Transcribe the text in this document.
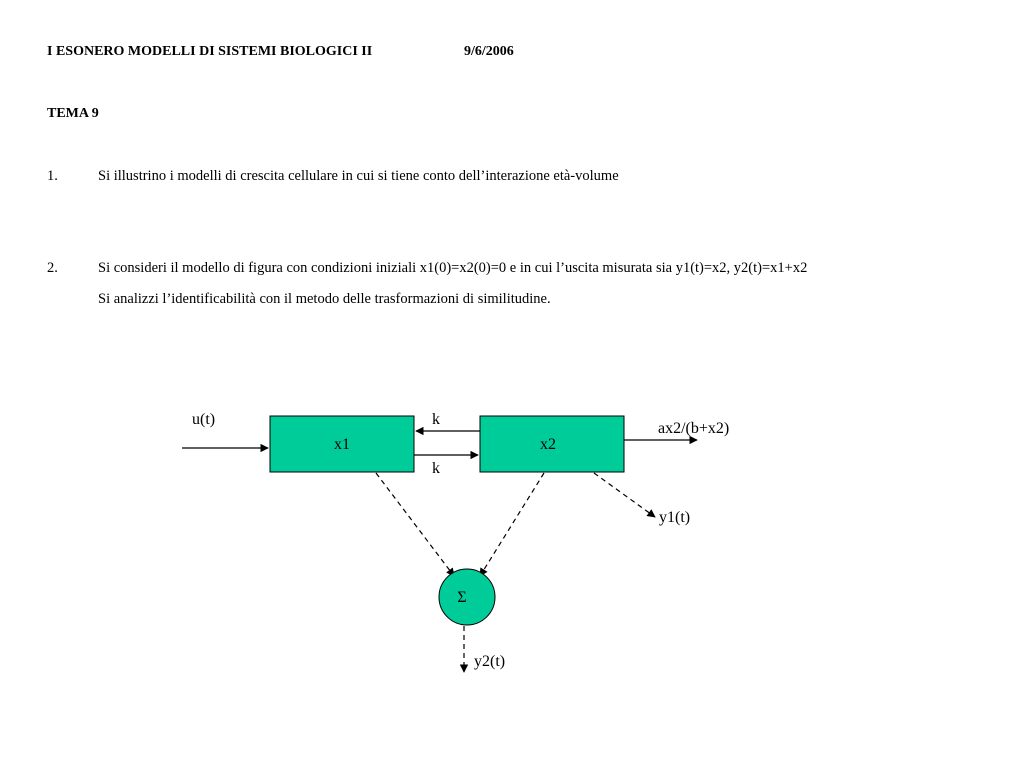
I ESONERO MODELLI DI SISTEMI BIOLOGICI II	9/6/2006
TEMA 9
1.	Si illustrino i modelli di crescita cellulare in cui si tiene conto dell’interazione età-volume
2.	Si consideri il modello di figura con condizioni iniziali x1(0)=x2(0)=0 e in cui l’uscita misurata sia y1(t)=x2, y2(t)=x1+x2
Si analizzi l’identificabilità con il metodo delle trasformazioni di similitudine.
u(t)
x1	x2
k
k
ax2/(b+x2)
y1(t)
Σ
y2(t)
